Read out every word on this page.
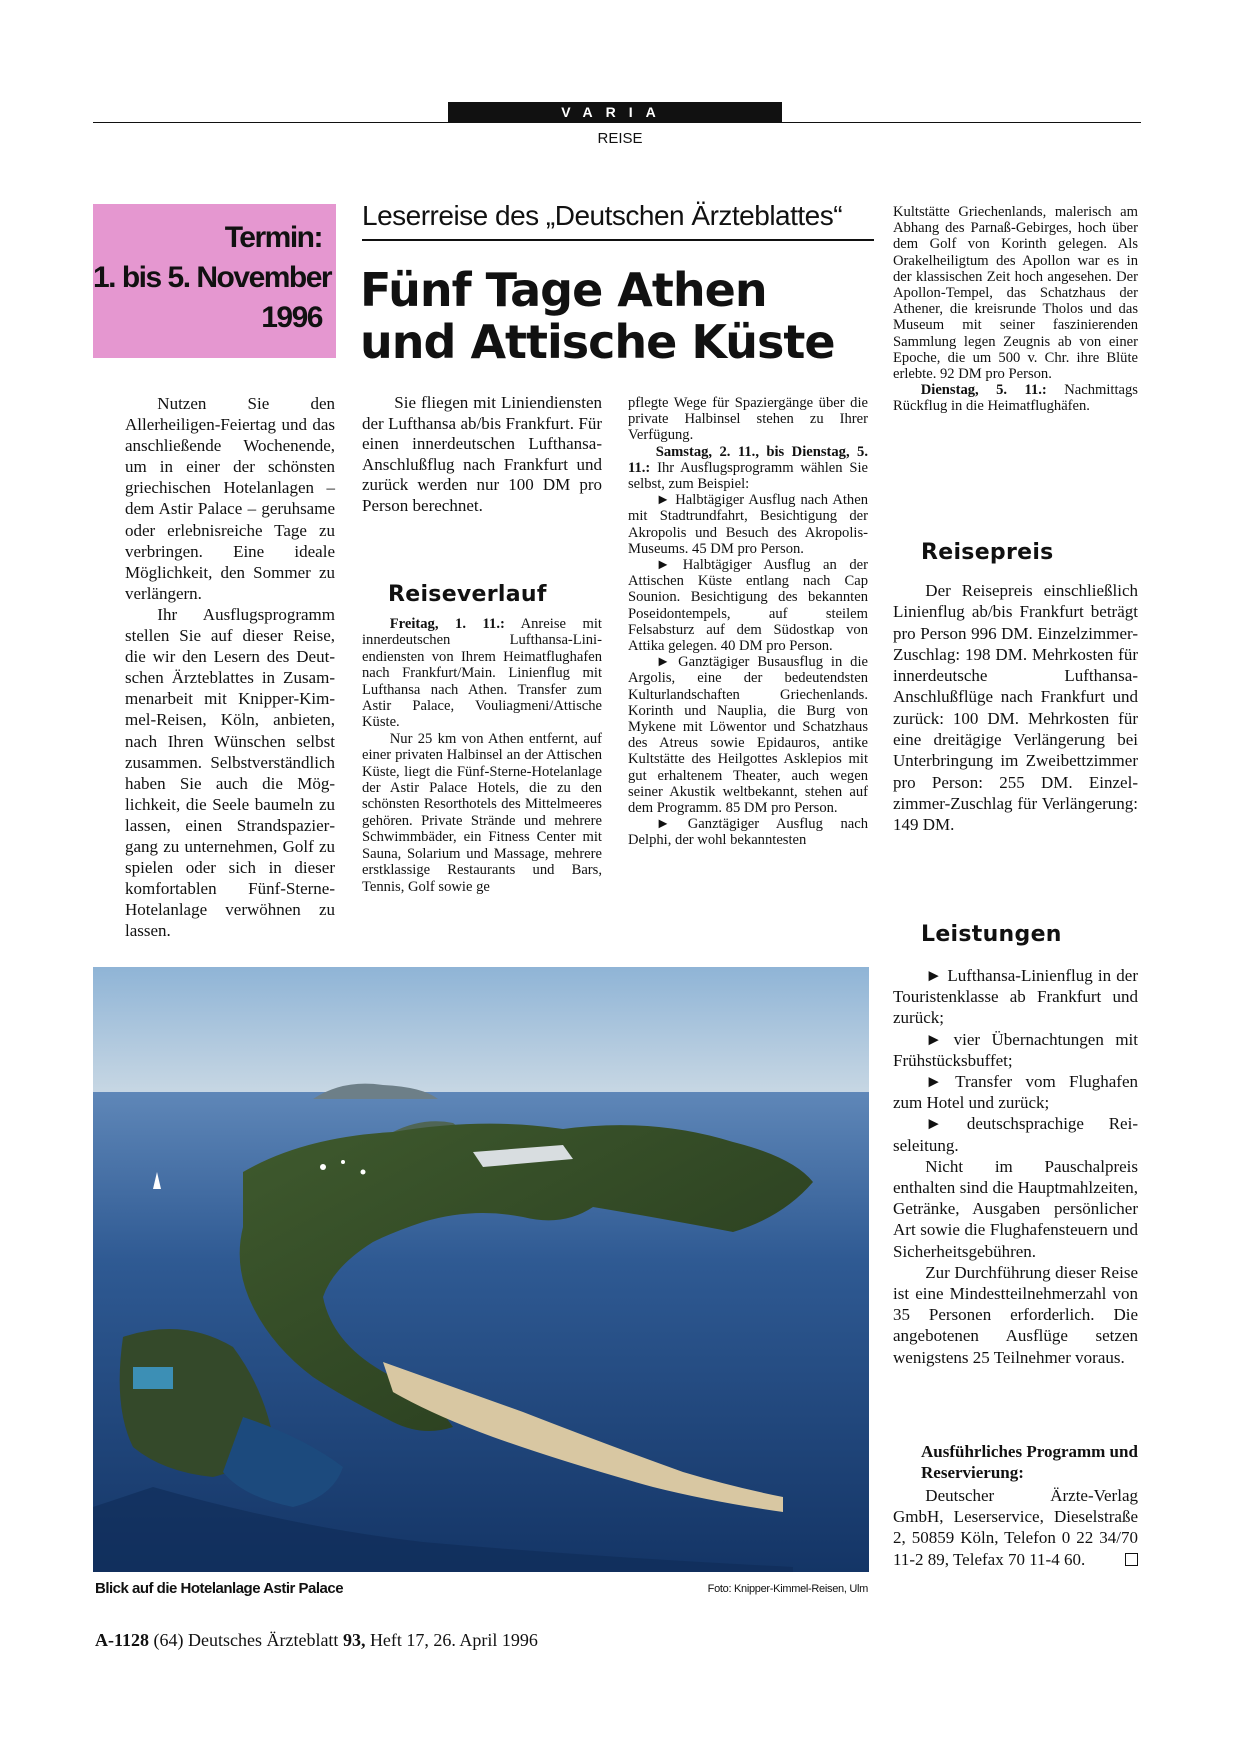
VARIA
REISE
Termin:
1. bis 5. November
1996
Leserreise des „Deutschen Ärzteblattes“
Fünf Tage Athen
und Attische Küste

Nutzen Sie den Allerheiligen-Feiertag und das anschließende Wochenende, um in einer der schönsten griechischen Hotelanlagen – dem Astir Palace – geruhsame oder erlebnisreiche Tage zu verbringen. Eine ideale Möglichkeit, den Sommer zu verlängern.

Ihr Ausflugsprogramm stellen Sie auf dieser Reise, die wir den Lesern des Deutschen Ärzteblattes in Zusammenarbeit mit Knipper-Kimmel-Reisen, Köln, anbieten, nach Ihren Wünschen selbst zusammen. Selbstverständlich haben Sie auch die Möglichkeit, die Seele baumeln zu lassen, einen Strandspaziergang zu unternehmen, Golf zu spielen oder sich in dieser komfortablen Fünf-Sterne-Hotelanlage verwöhnen zu lassen.

Sie fliegen mit Liniendiensten der Lufthansa ab/bis Frankfurt. Für einen innerdeutschen Lufthansa-Anschlußflug nach Frankfurt und zurück werden nur 100 DM pro Person berechnet.

Reiseverlauf

Freitag, 1. 11.: Anreise mit innerdeutschen Lufthansa-Liniendiensten von Ihrem Heimatflughafen nach Frankfurt/Main. Linienflug mit Lufthansa nach Athen. Transfer zum Astir Palace, Vouliagmeni/Attische Küste.

Nur 25 km von Athen entfernt, auf einer privaten Halbinsel an der Attischen Küste, liegt die Fünf-Sterne-Hotelanlage der Astir Palace Hotels, die zu den schönsten Resorthotels des Mittelmeeres gehören. Private Strände und mehrere Schwimmbäder, ein Fitness Center mit Sauna, Solarium und Massage, mehrere erstklassige Restaurants und Bars, Tennis, Golf sowie ge

pflegte Wege für Spaziergänge über die private Halbinsel stehen zu Ihrer Verfügung.

Samstag, 2. 11., bis Dienstag, 5. 11.: Ihr Ausflugsprogramm wählen Sie selbst, zum Beispiel:

► Halbtägiger Ausflug nach Athen mit Stadtrundfahrt, Besichtigung der Akropolis und Besuch des Akropolis-Museums. 45 DM pro Person.

► Halbtägiger Ausflug an der Attischen Küste entlang nach Cap Sounion. Besichtigung des bekannten Poseidontempels, auf steilem Felsabsturz auf dem Südostkap von Attika gelegen. 40 DM pro Person.

► Ganztägiger Busausflug in die Argolis, eine der bedeutendsten Kulturlandschaften Griechenlands. Korinth und Nauplia, die Burg von Mykene mit Löwentor und Schatzhaus des Atreus sowie Epidauros, antike Kultstätte des Heilgottes Asklepios mit gut erhaltenem Theater, auch wegen seiner Akustik weltbekannt, stehen auf dem Programm. 85 DM pro Person.

► Ganztägiger Ausflug nach Delphi, der wohl bekanntesten

Kultstätte Griechenlands, malerisch am Abhang des Parnaß-Gebirges, hoch über dem Golf von Korinth gelegen. Als Orakelheiligtum des Apollon war es in der klassischen Zeit hoch angesehen. Der Apollon-Tempel, das Schatzhaus der Athener, die kreisrunde Tholos und das Museum mit seiner faszinierenden Sammlung legen Zeugnis ab von einer Epoche, die um 500 v. Chr. ihre Blüte erlebte. 92 DM pro Person.

Dienstag, 5. 11.: Nachmittags Rückflug in die Heimatflughäfen.

Reisepreis

Der Reisepreis einschließlich Linienflug ab/bis Frankfurt beträgt pro Person 996 DM. Einzelzimmer-Zuschlag: 198 DM. Mehrkosten für innerdeutsche Lufthansa-Anschlußflüge nach Frankfurt und zurück: 100 DM. Mehrkosten für eine dreitägige Verlängerung bei Unterbringung im Zweibettzimmer pro Person: 255 DM. Einzelzimmer-Zuschlag für Verlängerung: 149 DM.

Leistungen

► Lufthansa-Linienflug in der Touristenklasse ab Frankfurt und zurück;

► vier Übernachtungen mit Frühstücksbuffet;

► Transfer vom Flughafen zum Hotel und zurück;

► deutschsprachige Reiseleitung.

Nicht im Pauschalpreis enthalten sind die Hauptmahlzeiten, Getränke, Ausgaben persönlicher Art sowie die Flughafensteuern und Sicherheitsgebühren.

Zur Durchführung dieser Reise ist eine Mindestteilnehmerzahl von 35 Personen erforderlich. Die angebotenen Ausflüge setzen wenigstens 25 Teilnehmer voraus.

Ausführliches Programm und Reservierung:

Deutscher Ärzte-Verlag GmbH, Leserservice, Dieselstraße 2, 50859 Köln, Telefon 0 22 34/70 11-2 89, Telefax 70 11-4 60.

Blick auf die Hotelanlage Astir Palace	Foto: Knipper-Kimmel-Reisen, Ulm
A-1128 (64) Deutsches Ärzteblatt 93, Heft 17, 26. April 1996
